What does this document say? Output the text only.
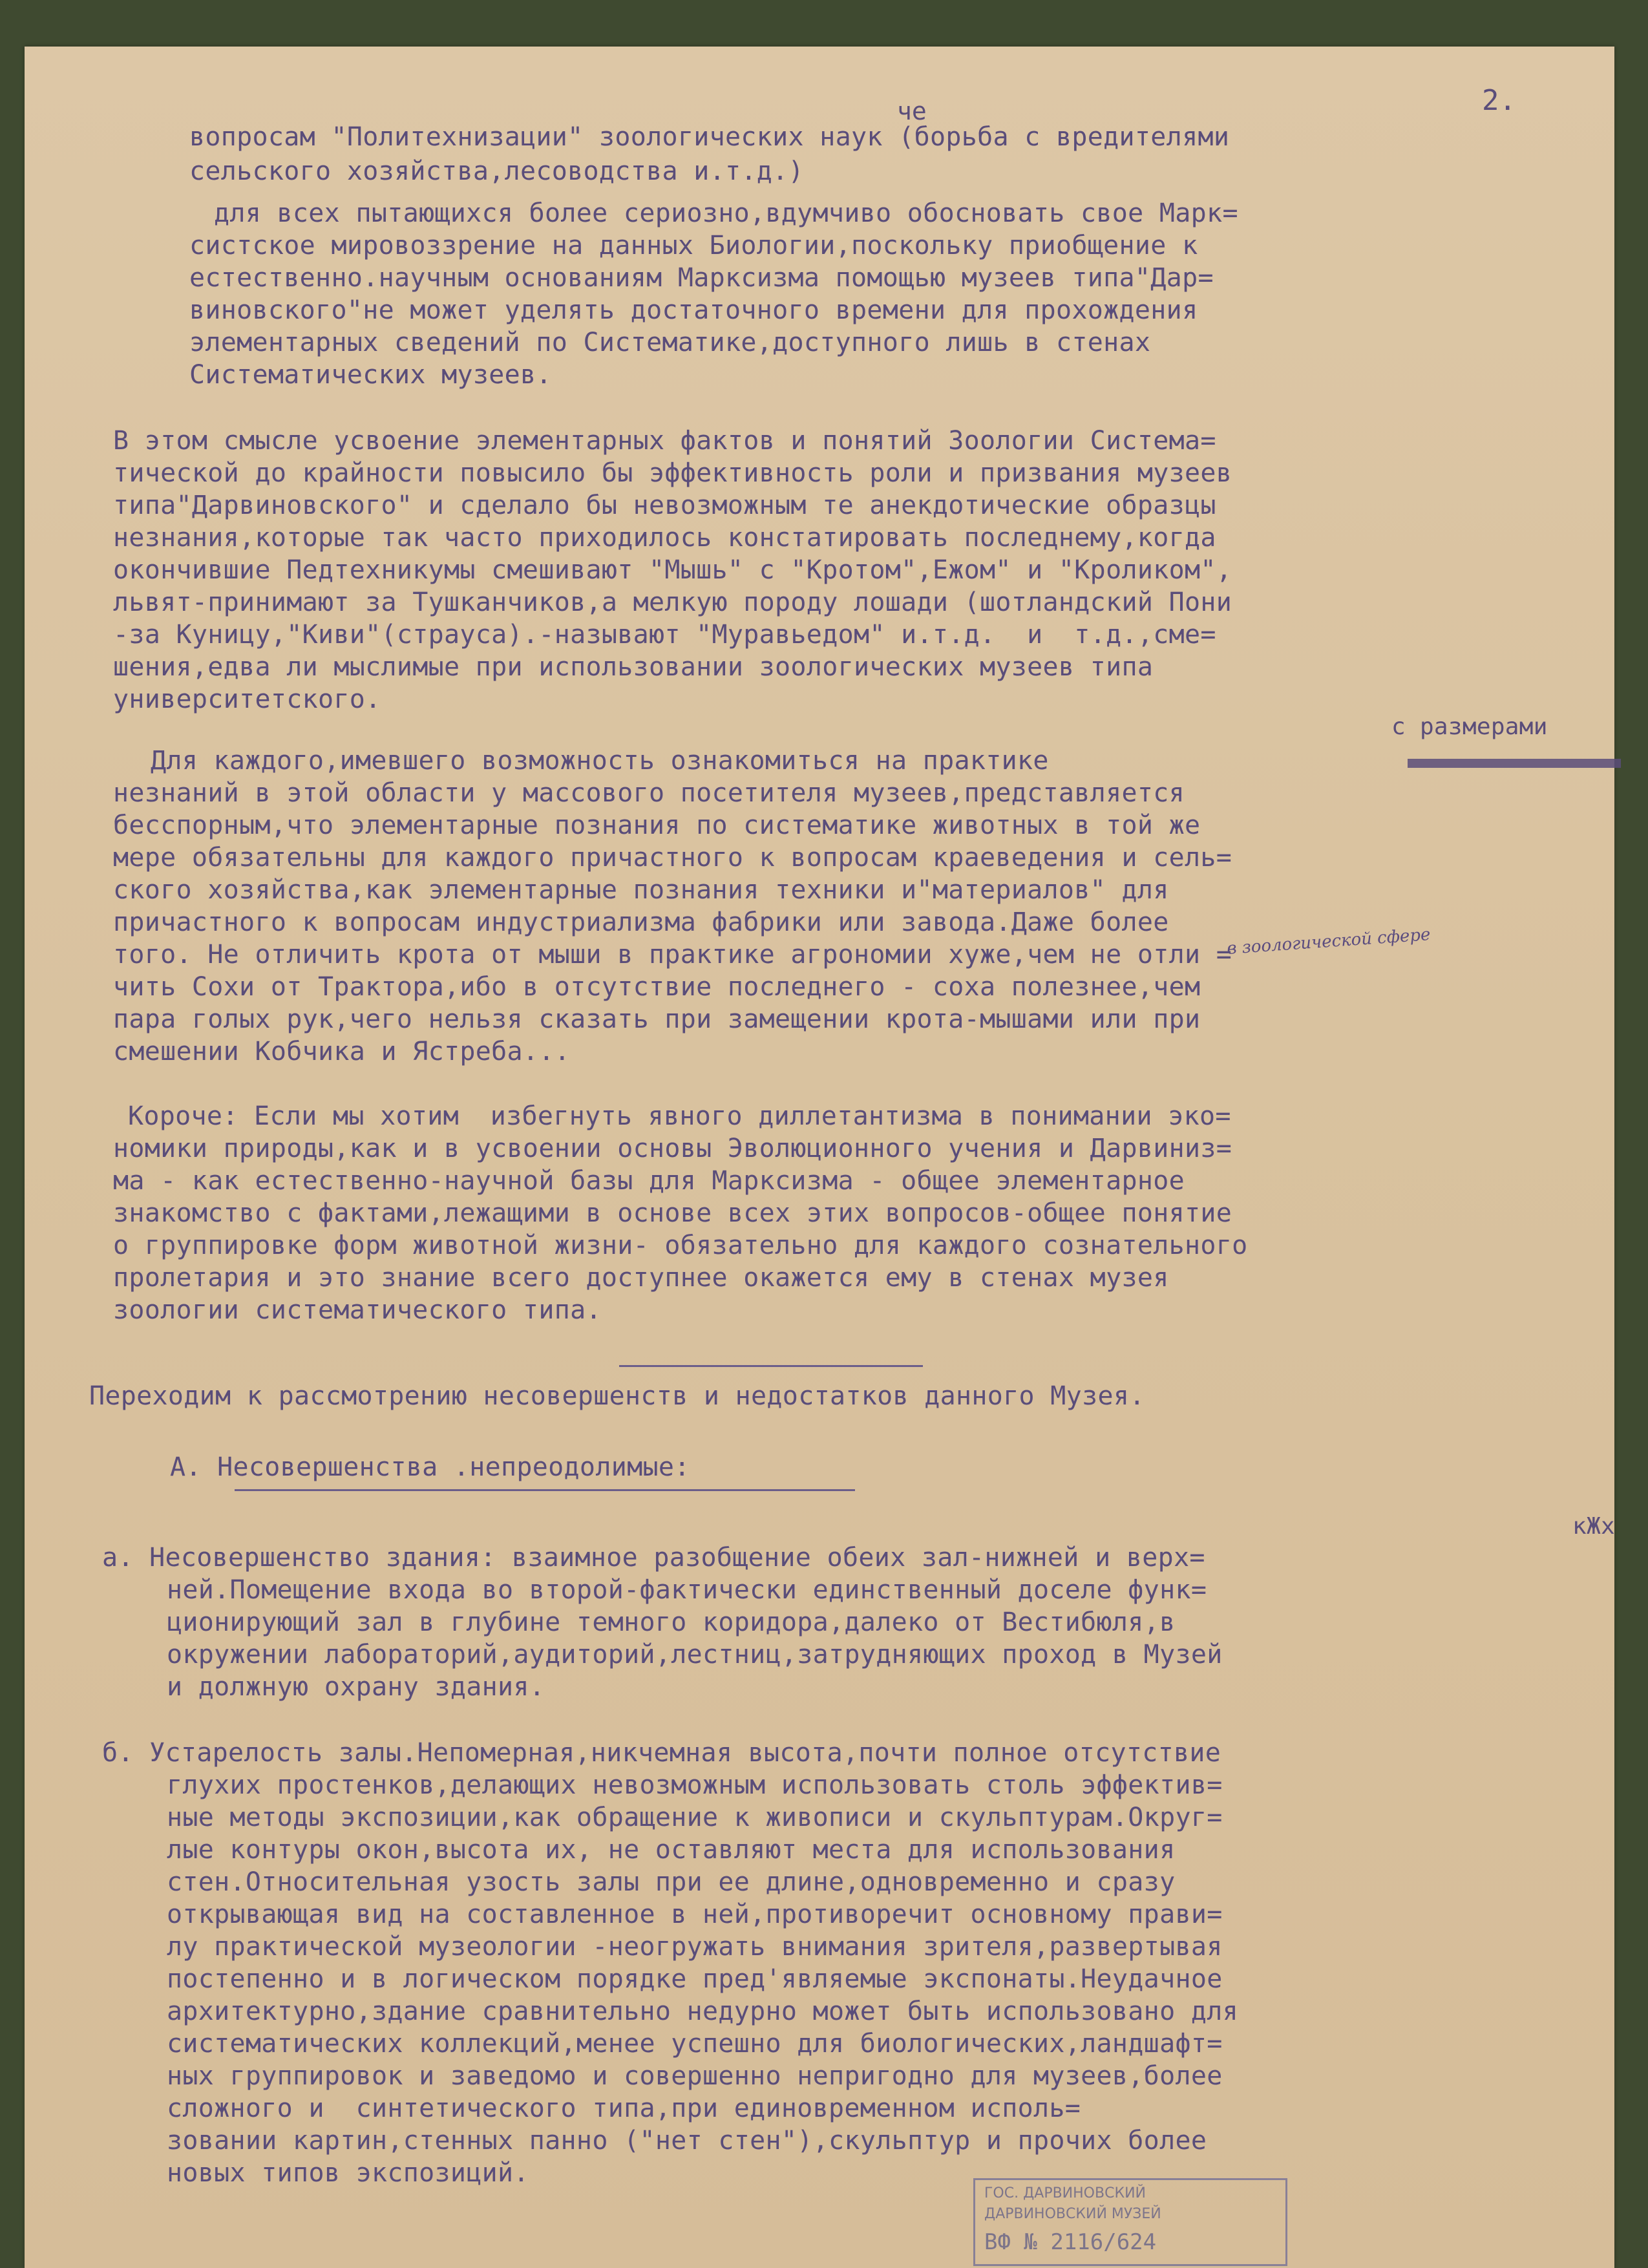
2.
че

вопросам "Политехнизации" зоологических наук (борьба с вредителями

сельского хозяйства,лесоводства и.т.д.)

для всех пытающихся более сериозно,вдумчиво обосновать свое Марк=

систское мировоззрение на данных Биологии,поскольку приобщение к

естественно.научным основаниям Марксизма помощью музеев типа"Дар=

виновского"не может уделять достаточного времени для прохождения

элементарных сведений по Систематике,доступного лишь в стенах

Систематических музеев.

В этом смысле усвоение элементарных фактов и понятий Зоологии Система=

тической до крайности повысило бы эффективность роли и призвания музеев

типа"Дарвиновского" и сделало бы невозможным те анекдотические образцы

незнания,которые так часто приходилось констатировать последнему,когда

окончившие Педтехникумы смешивают "Мышь" с "Кротом",Ежом" и "Кроликом",

львят-принимают за Тушканчиков,а мелкую породу лошади (шотландский Пони

-за Куницу,"Киви"(страуса).-называют "Муравьедом" и.т.д.  и  т.д.,сме=

шения,едва ли мыслимые при использовании зоологических музеев типа

университетского.

с размерами

Для каждого,имевшего возможность ознакомиться на практике

незнаний в этой области у массового посетителя музеев,представляется

бесспорным,что элементарные познания по систематике животных в той же

мере обязательны для каждого причастного к вопросам краеведения и сель=

ского хозяйства,как элементарные познания техники и"материалов" для

причастного к вопросам индустриализма фабрики или завода.Даже более

в зоологической сфере

того. Не отличить крота от мыши в практике агрономии хуже,чем не отли =

чить Сохи от Трактора,ибо в отсутствие последнего - соха полезнее,чем

пара голых рук,чего нельзя сказать при замещении крота-мышами или при

смешении Кобчика и Ястреба...

Короче: Если мы хотим  избегнуть явного диллетантизма в понимании эко=

номики природы,как и в усвоении основы Эволюционного учения и Дарвиниз=

ма - как естественно-научной базы для Марксизма - общее элементарное

знакомство с фактами,лежащими в основе всех этих вопросов-общее понятие

о группировке форм животной жизни- обязательно для каждого сознательного

пролетария и это знание всего доступнее окажется ему в стенах музея

зоологии систематического типа.

Переходим к рассмотрению несовершенств и недостатков данного Музея.

А. Несовершенства .непреодолимые:

кЖх

а. Несовершенство здания: взаимное разобщение обеих зал-нижней и верх=

ней.Помещение входа во второй-фактически единственный доселе функ=

ционирующий зал в глубине темного коридора,далеко от Вестибюля,в

окружении лабораторий,аудиторий,лестниц,затрудняющих проход в Музей

и должную охрану здания.

б. Устарелость залы.Непомерная,никчемная высота,почти полное отсутствие

глухих простенков,делающих невозможным использовать столь эффектив=

ные методы экспозиции,как обращение к живописи и скульптурам.Округ=

лые контуры окон,высота их, не оставляют места для использования

стен.Относительная узость залы при ее длине,одновременно и сразу

открывающая вид на составленное в ней,противоречит основному прави=

лу практической музеологии -неогружать внимания зрителя,развертывая

постепенно и в логическом порядке пред'являемые экспонаты.Неудачное

архитектурно,здание сравнительно недурно может быть использовано для

систематических коллекций,менее успешно для биологических,ландшафт=

ных группировок и заведомо и совершенно непригодно для музеев,более

сложного и  синтетического типа,при единовременном исполь=

зовании картин,стенных панно ("нет стен"),скульптур и прочих более

новых типов экспозиций.

ГОС. ДАРВИНОВСКИЙ
ДАРВИНОВСКИЙ МУЗЕЙ
ВФ № 2116/624
